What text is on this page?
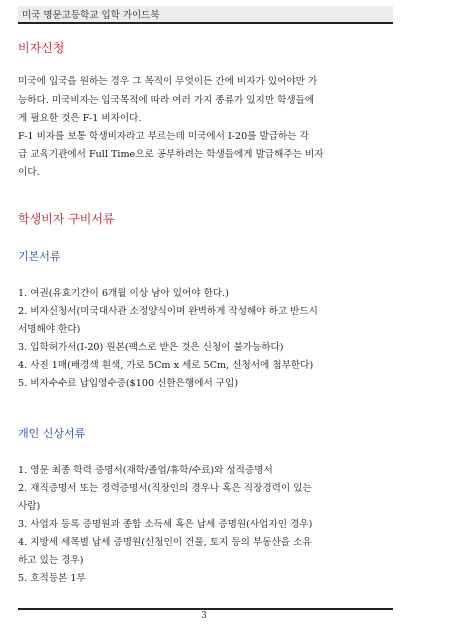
미국 명문고등학교 입학 가이드북
비자신청
미국에 입국을 원하는 경우 그 목적이 무엇이든 간에 비자가 있어야만 가
능하다. 미국비자는 입국목적에 따라 여러 가지 종류가 있지만 학생들에
게 필요한 것은 F-1 비자이다.
F-1 비자를 보통 학생비자라고 부르는데 미국에서 I-20를 발급하는 각
급 교육기관에서 Full Time으로 공부하려는 학생들에게 발급해주는 비자
이다.
학생비자 구비서류
기본서류
1. 여권(유효기간이 6개월 이상 남아 있어야 한다.)
2. 비자신청서(미국대사관 소정양식이며 완벽하게 작성해야 하고 반드시
서명해야 한다)
3. 입학허가서(I-20) 원본(팩스로 받은 것은 신청이 불가능하다)
4. 사진 1매(배경색 흰색, 가로 5Cm x 세로 5Cm, 신청서에 첨부한다)
5. 비자수수료 납입영수증($100 신한은행에서 구입)
개인 신상서류
1. 영문 최종 학력 증명서(재학/졸업/휴학/수료)와 성적증명서
2. 재직증명서 또는 경력증명서(직장인의 경우나 혹은 직장경력이 있는
사람)
3. 사업자 등록 증명원과 종합 소득세 혹은 납세 증명원(사업자인 경우)
4. 지방세 세목별 납세 증명원(신청인이 건물, 토지 등의 부동산을 소유
하고 있는 경우)
5. 호적등본 1부
3
